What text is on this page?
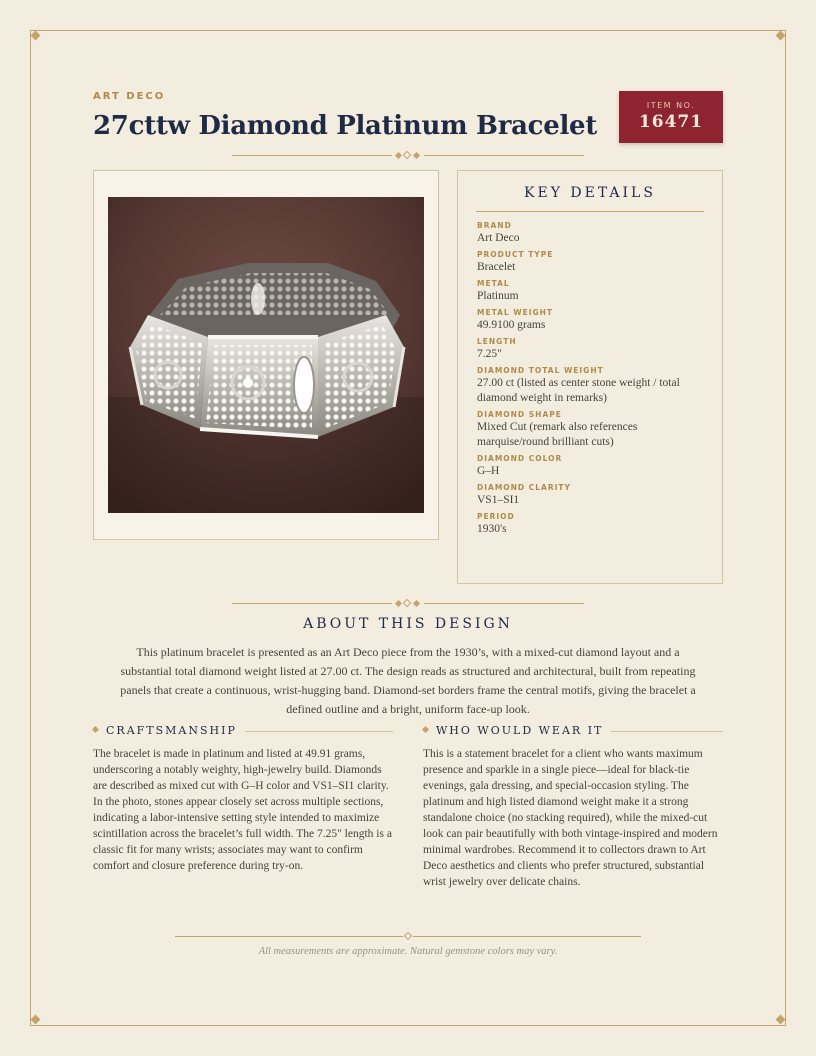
ART DECO
27cttw Diamond Platinum Bracelet
ITEM NO.
16471
KEY DETAILS
BRAND
Art Deco
PRODUCT TYPE
Bracelet
METAL
Platinum
METAL WEIGHT
49.9100 grams
LENGTH
7.25"
DIAMOND TOTAL WEIGHT
27.00 ct (listed as center stone weight / total diamond weight in remarks)
DIAMOND SHAPE
Mixed Cut (remark also references marquise/round brilliant cuts)
DIAMOND COLOR
G–H
DIAMOND CLARITY
VS1–SI1
PERIOD
1930's
ABOUT THIS DESIGN
This platinum bracelet is presented as an Art Deco piece from the 1930’s, with a mixed-cut diamond layout and a substantial total diamond weight listed at 27.00 ct. The design reads as structured and architectural, built from repeating panels that create a continuous, wrist-hugging band. Diamond-set borders frame the central motifs, giving the bracelet a defined outline and a bright, uniform face-up look.
CRAFTSMANSHIP
The bracelet is made in platinum and listed at 49.91 grams, underscoring a notably weighty, high-jewelry build. Diamonds are described as mixed cut with G–H color and VS1–SI1 clarity. In the photo, stones appear closely set across multiple sections, indicating a labor-intensive setting style intended to maximize scintillation across the bracelet’s full width. The 7.25" length is a classic fit for many wrists; associates may want to confirm comfort and closure preference during try-on.
WHO WOULD WEAR IT
This is a statement bracelet for a client who wants maximum presence and sparkle in a single piece—ideal for black-tie evenings, gala dressing, and special-occasion styling. The platinum and high listed diamond weight make it a strong standalone choice (no stacking required), while the mixed-cut look can pair beautifully with both vintage-inspired and modern minimal wardrobes. Recommend it to collectors drawn to Art Deco aesthetics and clients who prefer structured, substantial wrist jewelry over delicate chains.
All measurements are approximate. Natural gemstone colors may vary.
